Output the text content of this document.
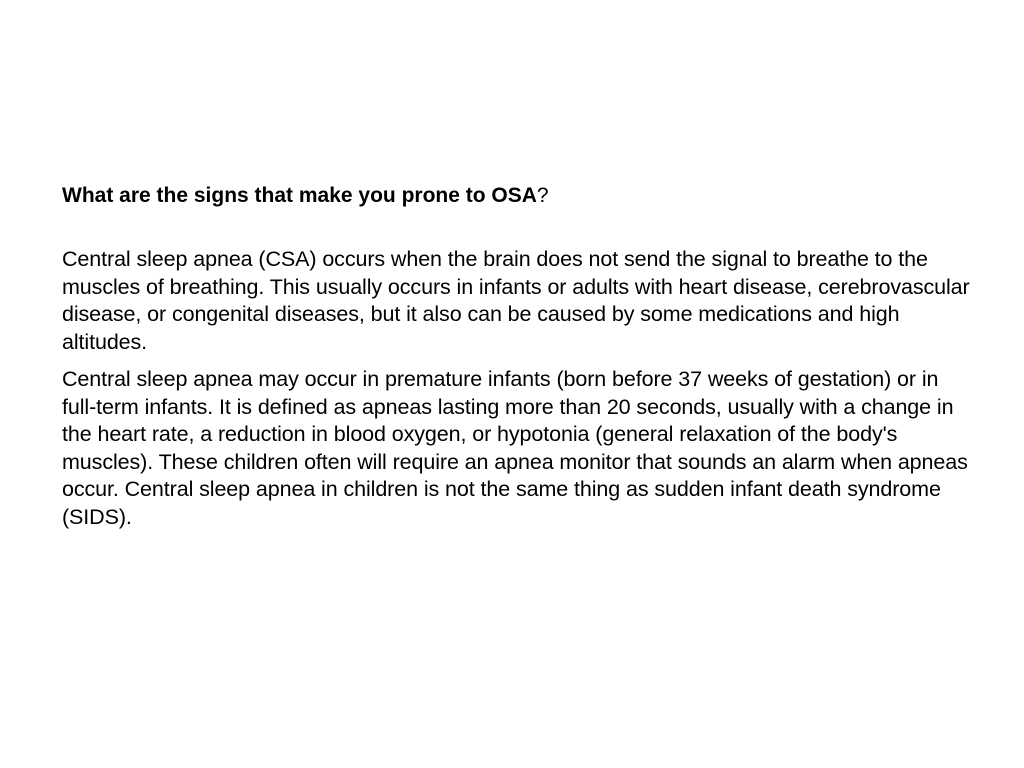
What are the signs that make you prone to OSA?

Central sleep apnea (CSA) occurs when the brain does not send the signal to breathe to the muscles of breathing. This usually occurs in infants or adults with heart disease, cerebrovascular disease, or congenital diseases, but it also can be caused by some medications and high altitudes.

Central sleep apnea may occur in premature infants (born before 37 weeks of gestation) or in full-term infants. It is defined as apneas lasting more than 20 seconds, usually with a change in the heart rate, a reduction in blood oxygen, or hypotonia (general relaxation of the body's muscles). These children often will require an apnea monitor that sounds an alarm when apneas occur. Central sleep apnea in children is not the same thing as sudden infant death syndrome (SIDS).
